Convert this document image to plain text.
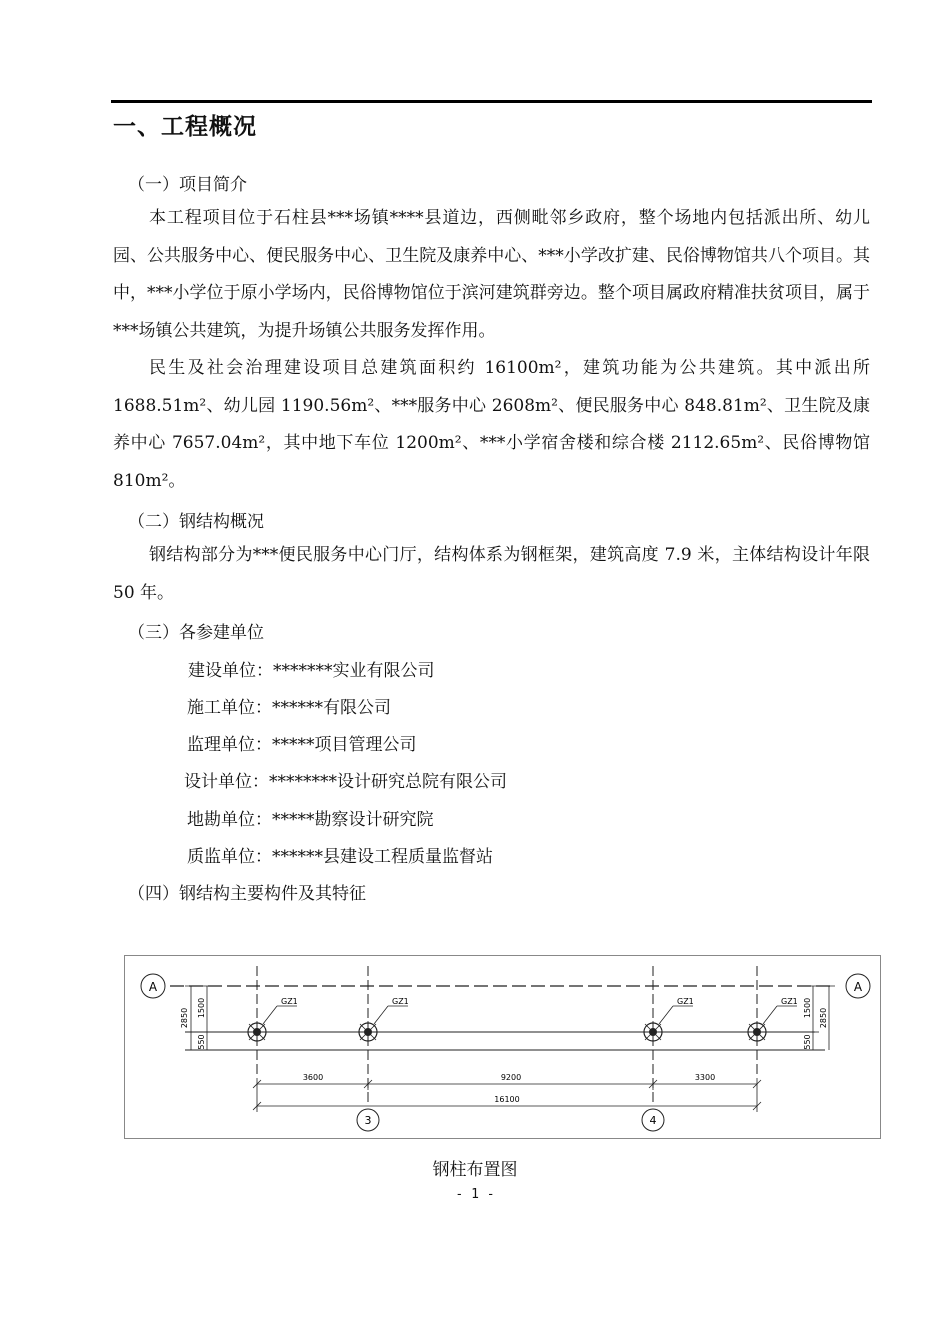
一、工程概况
（一）项目简介

本工程项目位于石柱县***场镇****县道边，西侧毗邻乡政府，整个场地内包括派出所、幼儿园、公共服务中心、便民服务中心、卫生院及康养中心、***小学改扩建、民俗博物馆共八个项目。其中，***小学位于原小学场内，民俗博物馆位于滨河建筑群旁边。整个项目属政府精准扶贫项目，属于***场镇公共建筑，为提升场镇公共服务发挥作用。

民生及社会治理建设项目总建筑面积约 16100m²，建筑功能为公共建筑。其中派出所1688.51m²、幼儿园 1190.56m²、***服务中心 2608m²、便民服务中心 848.81m²、卫生院及康养中心 7657.04m²，其中地下车位 1200m²、***小学宿舍楼和综合楼 2112.65m²、民俗博物馆 810m²。

（二）钢结构概况

钢结构部分为***便民服务中心门厅，结构体系为钢框架，建筑高度 7.9 米，主体结构设计年限 50 年。

（三）各参建单位
建设单位：*******实业有限公司
施工单位：******有限公司
监理单位：*****项目管理公司
设计单位：********设计研究总院有限公司
地勘单位：*****勘察设计研究院
质监单位：******县建设工程质量监督站
（四）钢结构主要构件及其特征
A	A
GZ1	GZ1	GZ1	GZ1
2850 1500
550
1500
550
2850
3600	9200	3300
16100
3	4
钢柱布置图
- 1 -
